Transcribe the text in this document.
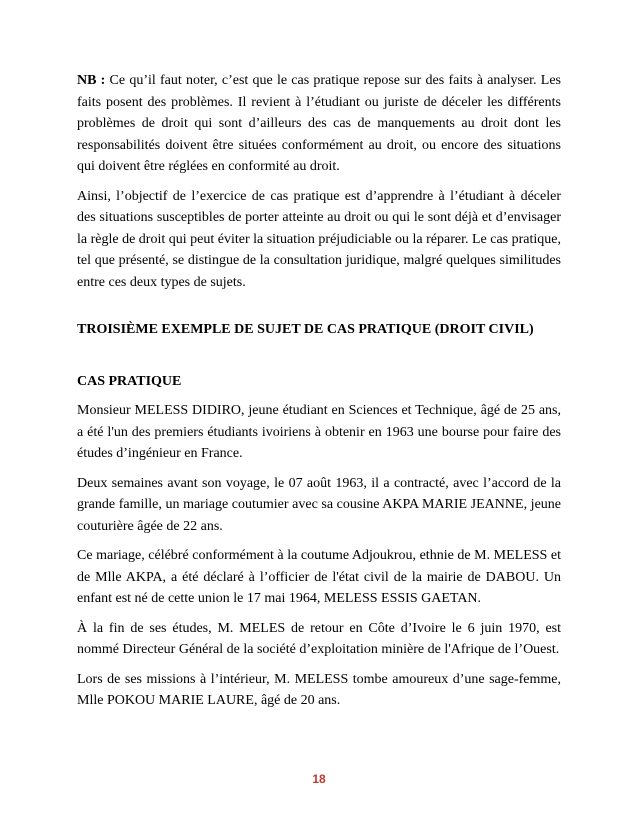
NB : Ce qu’il faut noter, c’est que le cas pratique repose sur des faits à analyser. Les faits posent des problèmes. Il revient à l’étudiant ou juriste de déceler les différents problèmes de droit qui sont d’ailleurs des cas de manquements au droit dont les responsabilités doivent être situées conformément au droit, ou encore des situations qui doivent être réglées en conformité au droit.

Ainsi, l’objectif de l’exercice de cas pratique est d’apprendre à l’étudiant à déceler des situations susceptibles de porter atteinte au droit ou qui le sont déjà et d’envisager la règle de droit qui peut éviter la situation préjudiciable ou la réparer. Le cas pratique, tel que présenté, se distingue de la consultation juridique, malgré quelques similitudes entre ces deux types de sujets.

TROISIÈME EXEMPLE DE SUJET DE CAS PRATIQUE (DROIT CIVIL)

CAS PRATIQUE

Monsieur MELESS DIDIRO, jeune étudiant en Sciences et Technique, âgé de 25 ans, a été l'un des premiers étudiants ivoiriens à obtenir en 1963 une bourse pour faire des études d’ingénieur en France.

Deux semaines avant son voyage, le 07 août 1963, il a contracté, avec l’accord de la grande famille, un mariage coutumier avec sa cousine AKPA MARIE JEANNE, jeune couturière âgée de 22 ans.

Ce mariage, célébré conformément à la coutume Adjoukrou, ethnie de M. MELESS et de Mlle AKPA, a été déclaré à l’officier de l'état civil de la mairie de DABOU. Un enfant est né de cette union le 17 mai 1964, MELESS ESSIS GAETAN.

À la fin de ses études, M. MELES de retour en Côte d’Ivoire le 6 juin 1970, est nommé Directeur Général de la société d’exploitation minière de l'Afrique de l’Ouest.

Lors de ses missions à l’intérieur, M. MELESS tombe amoureux d’une sage-femme, Mlle POKOU MARIE LAURE, âgé de 20 ans.

18
